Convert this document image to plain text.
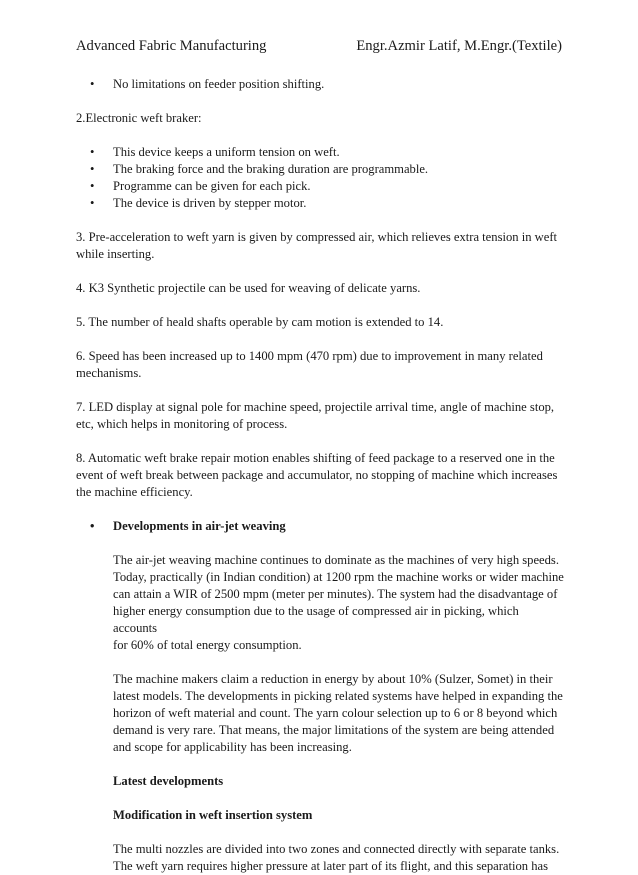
Advanced Fabric Manufacturing	Engr.Azmir Latif, M.Engr.(Textile)
• No limitations on feeder position shifting.

2.Electronic weft braker:

• This device keeps a uniform tension on weft.
• The braking force and the braking duration are programmable.
• Programme can be given for each pick.
• The device is driven by stepper motor.

3. Pre-acceleration to weft yarn is given by compressed air, which relieves extra tension in weft
while inserting.

4. K3 Synthetic projectile can be used for weaving of delicate yarns.

5. The number of heald shafts operable by cam motion is extended to 14.

6. Speed has been increased up to 1400 mpm (470 rpm) due to improvement in many related
mechanisms.

7. LED display at signal pole for machine speed, projectile arrival time, angle of machine stop,
etc, which helps in monitoring of process.

8. Automatic weft brake repair motion enables shifting of feed package to a reserved one in the
event of weft break between package and accumulator, no stopping of machine which increases
the machine efficiency.

• Developments in air-jet weaving

The air-jet weaving machine continues to dominate as the machines of very high speeds.
Today, practically (in Indian condition) at 1200 rpm the machine works or wider machine
can attain a WIR of 2500 mpm (meter per minutes). The system had the disadvantage of
higher energy consumption due to the usage of compressed air in picking, which accounts
for 60% of total energy consumption.

The machine makers claim a reduction in energy by about 10% (Sulzer, Somet) in their
latest models. The developments in picking related systems have helped in expanding the
horizon of weft material and count. The yarn colour selection up to 6 or 8 beyond which
demand is very rare. That means, the major limitations of the system are being attended
and scope for applicability has been increasing.

Latest developments

Modification in weft insertion system

The multi nozzles are divided into two zones and connected directly with separate tanks.
The weft yarn requires higher pressure at later part of its flight, and this separation has
